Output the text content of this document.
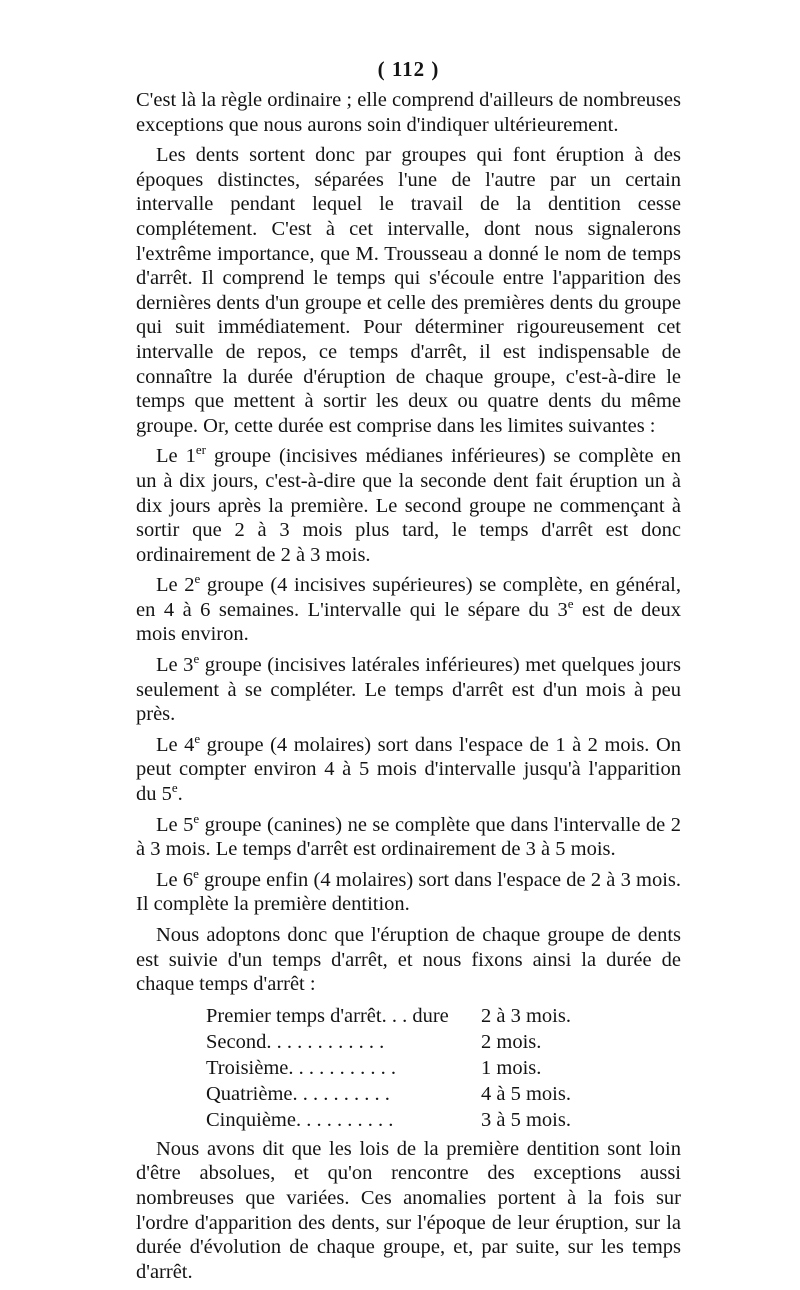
( 112 )

C'est là la règle ordinaire ; elle comprend d'ailleurs de nombreuses exceptions que nous aurons soin d'indiquer ultérieurement.

Les dents sortent donc par groupes qui font éruption à des époques distinctes, séparées l'une de l'autre par un certain intervalle pendant lequel le travail de la dentition cesse complétement. C'est à cet intervalle, dont nous signalerons l'extrême importance, que M. Trousseau a donné le nom de temps d'arrêt. Il comprend le temps qui s'écoule entre l'apparition des dernières dents d'un groupe et celle des premières dents du groupe qui suit immédiatement. Pour déterminer rigoureusement cet intervalle de repos, ce temps d'arrêt, il est indispensable de connaître la durée d'éruption de chaque groupe, c'est-à-dire le temps que mettent à sortir les deux ou quatre dents du même groupe. Or, cette durée est comprise dans les limites suivantes :

Le 1er groupe (incisives médianes inférieures) se complète en un à dix jours, c'est-à-dire que la seconde dent fait éruption un à dix jours après la première. Le second groupe ne commençant à sortir que 2 à 3 mois plus tard, le temps d'arrêt est donc ordinairement de 2 à 3 mois.

Le 2e groupe (4 incisives supérieures) se complète, en général, en 4 à 6 semaines. L'intervalle qui le sépare du 3e est de deux mois environ.

Le 3e groupe (incisives latérales inférieures) met quelques jours seulement à se compléter. Le temps d'arrêt est d'un mois à peu près.

Le 4e groupe (4 molaires) sort dans l'espace de 1 à 2 mois. On peut compter environ 4 à 5 mois d'intervalle jusqu'à l'apparition du 5e.

Le 5e groupe (canines) ne se complète que dans l'intervalle de 2 à 3 mois. Le temps d'arrêt est ordinairement de 3 à 5 mois.

Le 6e groupe enfin (4 molaires) sort dans l'espace de 2 à 3 mois. Il complète la première dentition.

Nous adoptons donc que l'éruption de chaque groupe de dents est suivie d'un temps d'arrêt, et nous fixons ainsi la durée de chaque temps d'arrêt :

Premier temps d'arrêt. . . dure	2 à 3 mois.
Second. . . . . . . . . . . .	2 mois.
Troisième. . . . . . . . . . .	1 mois.
Quatrième. . . . . . . . . .	4 à 5 mois.
Cinquième. . . . . . . . . .	3 à 5 mois.

Nous avons dit que les lois de la première dentition sont loin d'être absolues, et qu'on rencontre des exceptions aussi nombreuses que variées. Ces anomalies portent à la fois sur l'ordre d'apparition des dents, sur l'époque de leur éruption, sur la durée d'évolution de chaque groupe, et, par suite, sur les temps d'arrêt.
